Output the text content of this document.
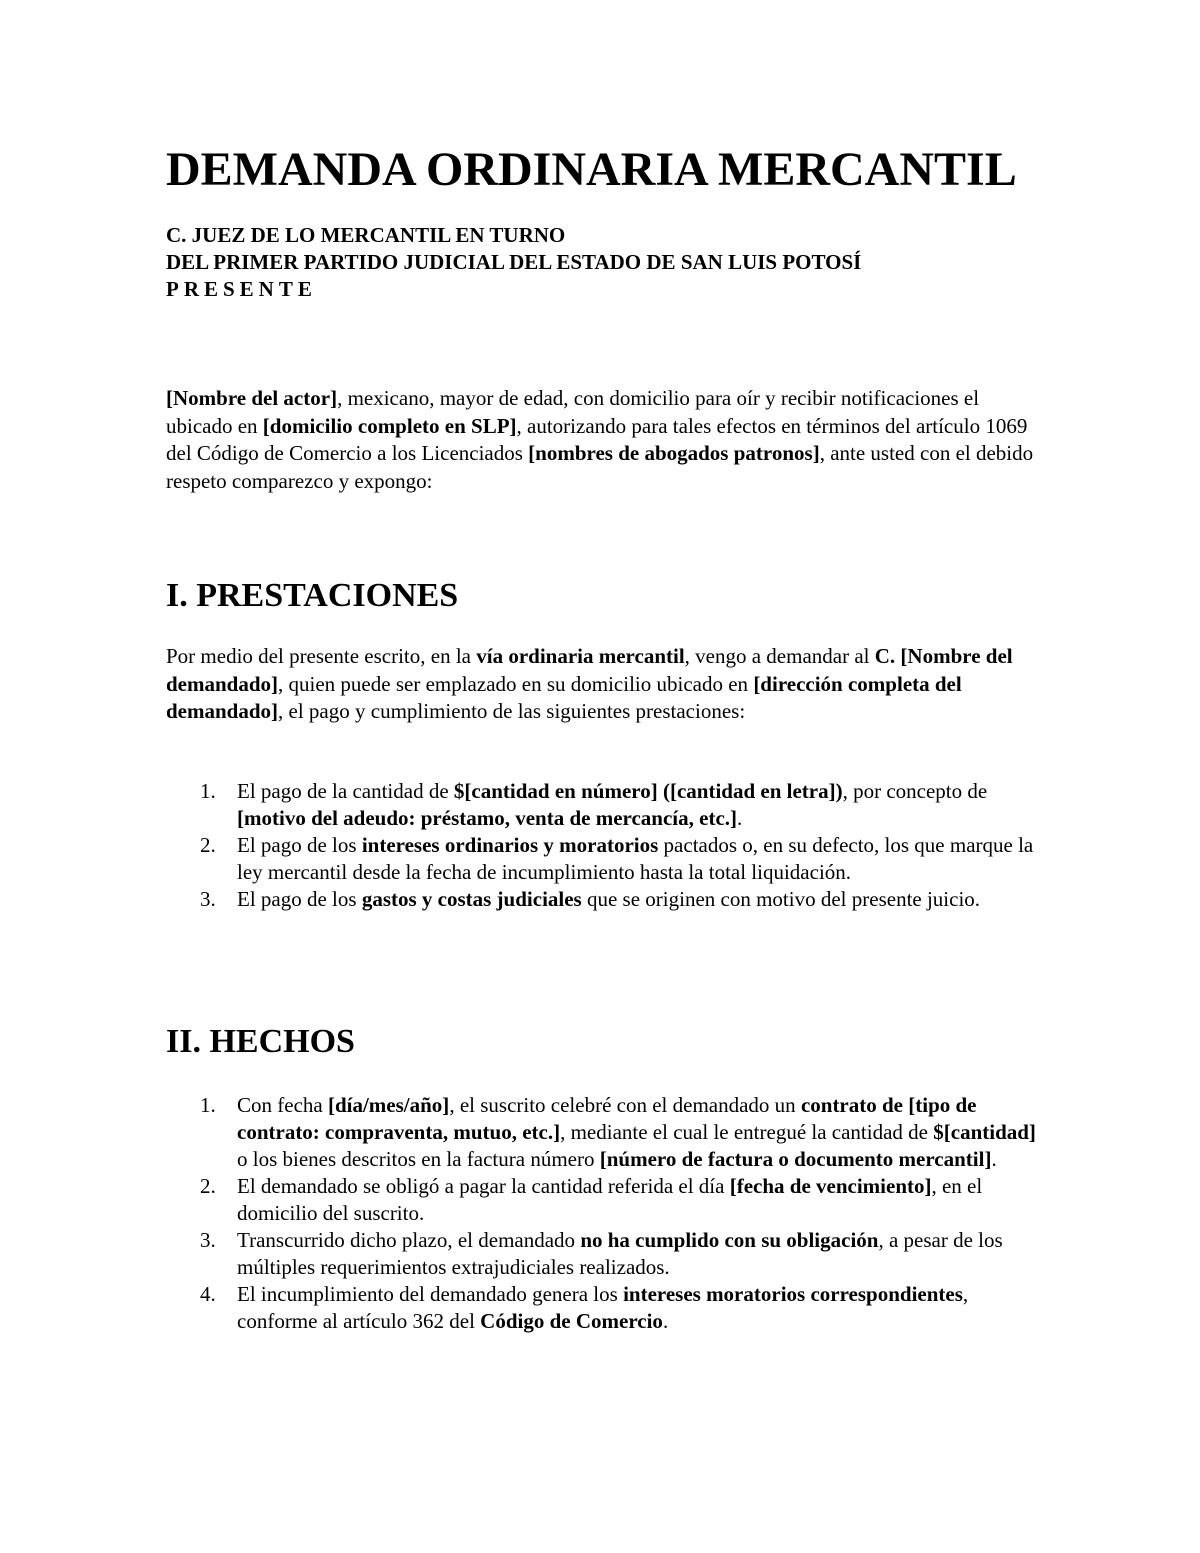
DEMANDA ORDINARIA MERCANTIL
C. JUEZ DE LO MERCANTIL EN TURNO
DEL PRIMER PARTIDO JUDICIAL DEL ESTADO DE SAN LUIS POTOSÍ
PRESENTE

[Nombre del actor], mexicano, mayor de edad, con domicilio para oír y recibir notificaciones el ubicado en [domicilio completo en SLP], autorizando para tales efectos en términos del artículo 1069 del Código de Comercio a los Licenciados [nombres de abogados patronos], ante usted con el debido respeto comparezco y expongo:

I. PRESTACIONES

Por medio del presente escrito, en la vía ordinaria mercantil, vengo a demandar al C. [Nombre del demandado], quien puede ser emplazado en su domicilio ubicado en [dirección completa del demandado], el pago y cumplimiento de las siguientes prestaciones:

1. El pago de la cantidad de $[cantidad en número] ([cantidad en letra]), por concepto de [motivo del adeudo: préstamo, venta de mercancía, etc.].
2. El pago de los intereses ordinarios y moratorios pactados o, en su defecto, los que marque la ley mercantil desde la fecha de incumplimiento hasta la total liquidación.
3. El pago de los gastos y costas judiciales que se originen con motivo del presente juicio.
II. HECHOS
1. Con fecha [día/mes/año], el suscrito celebré con el demandado un contrato de [tipo de contrato: compraventa, mutuo, etc.], mediante el cual le entregué la cantidad de $[cantidad] o los bienes descritos en la factura número [número de factura o documento mercantil].
2. El demandado se obligó a pagar la cantidad referida el día [fecha de vencimiento], en el domicilio del suscrito.
3. Transcurrido dicho plazo, el demandado no ha cumplido con su obligación, a pesar de los múltiples requerimientos extrajudiciales realizados.
4. El incumplimiento del demandado genera los intereses moratorios correspondientes, conforme al artículo 362 del Código de Comercio.
